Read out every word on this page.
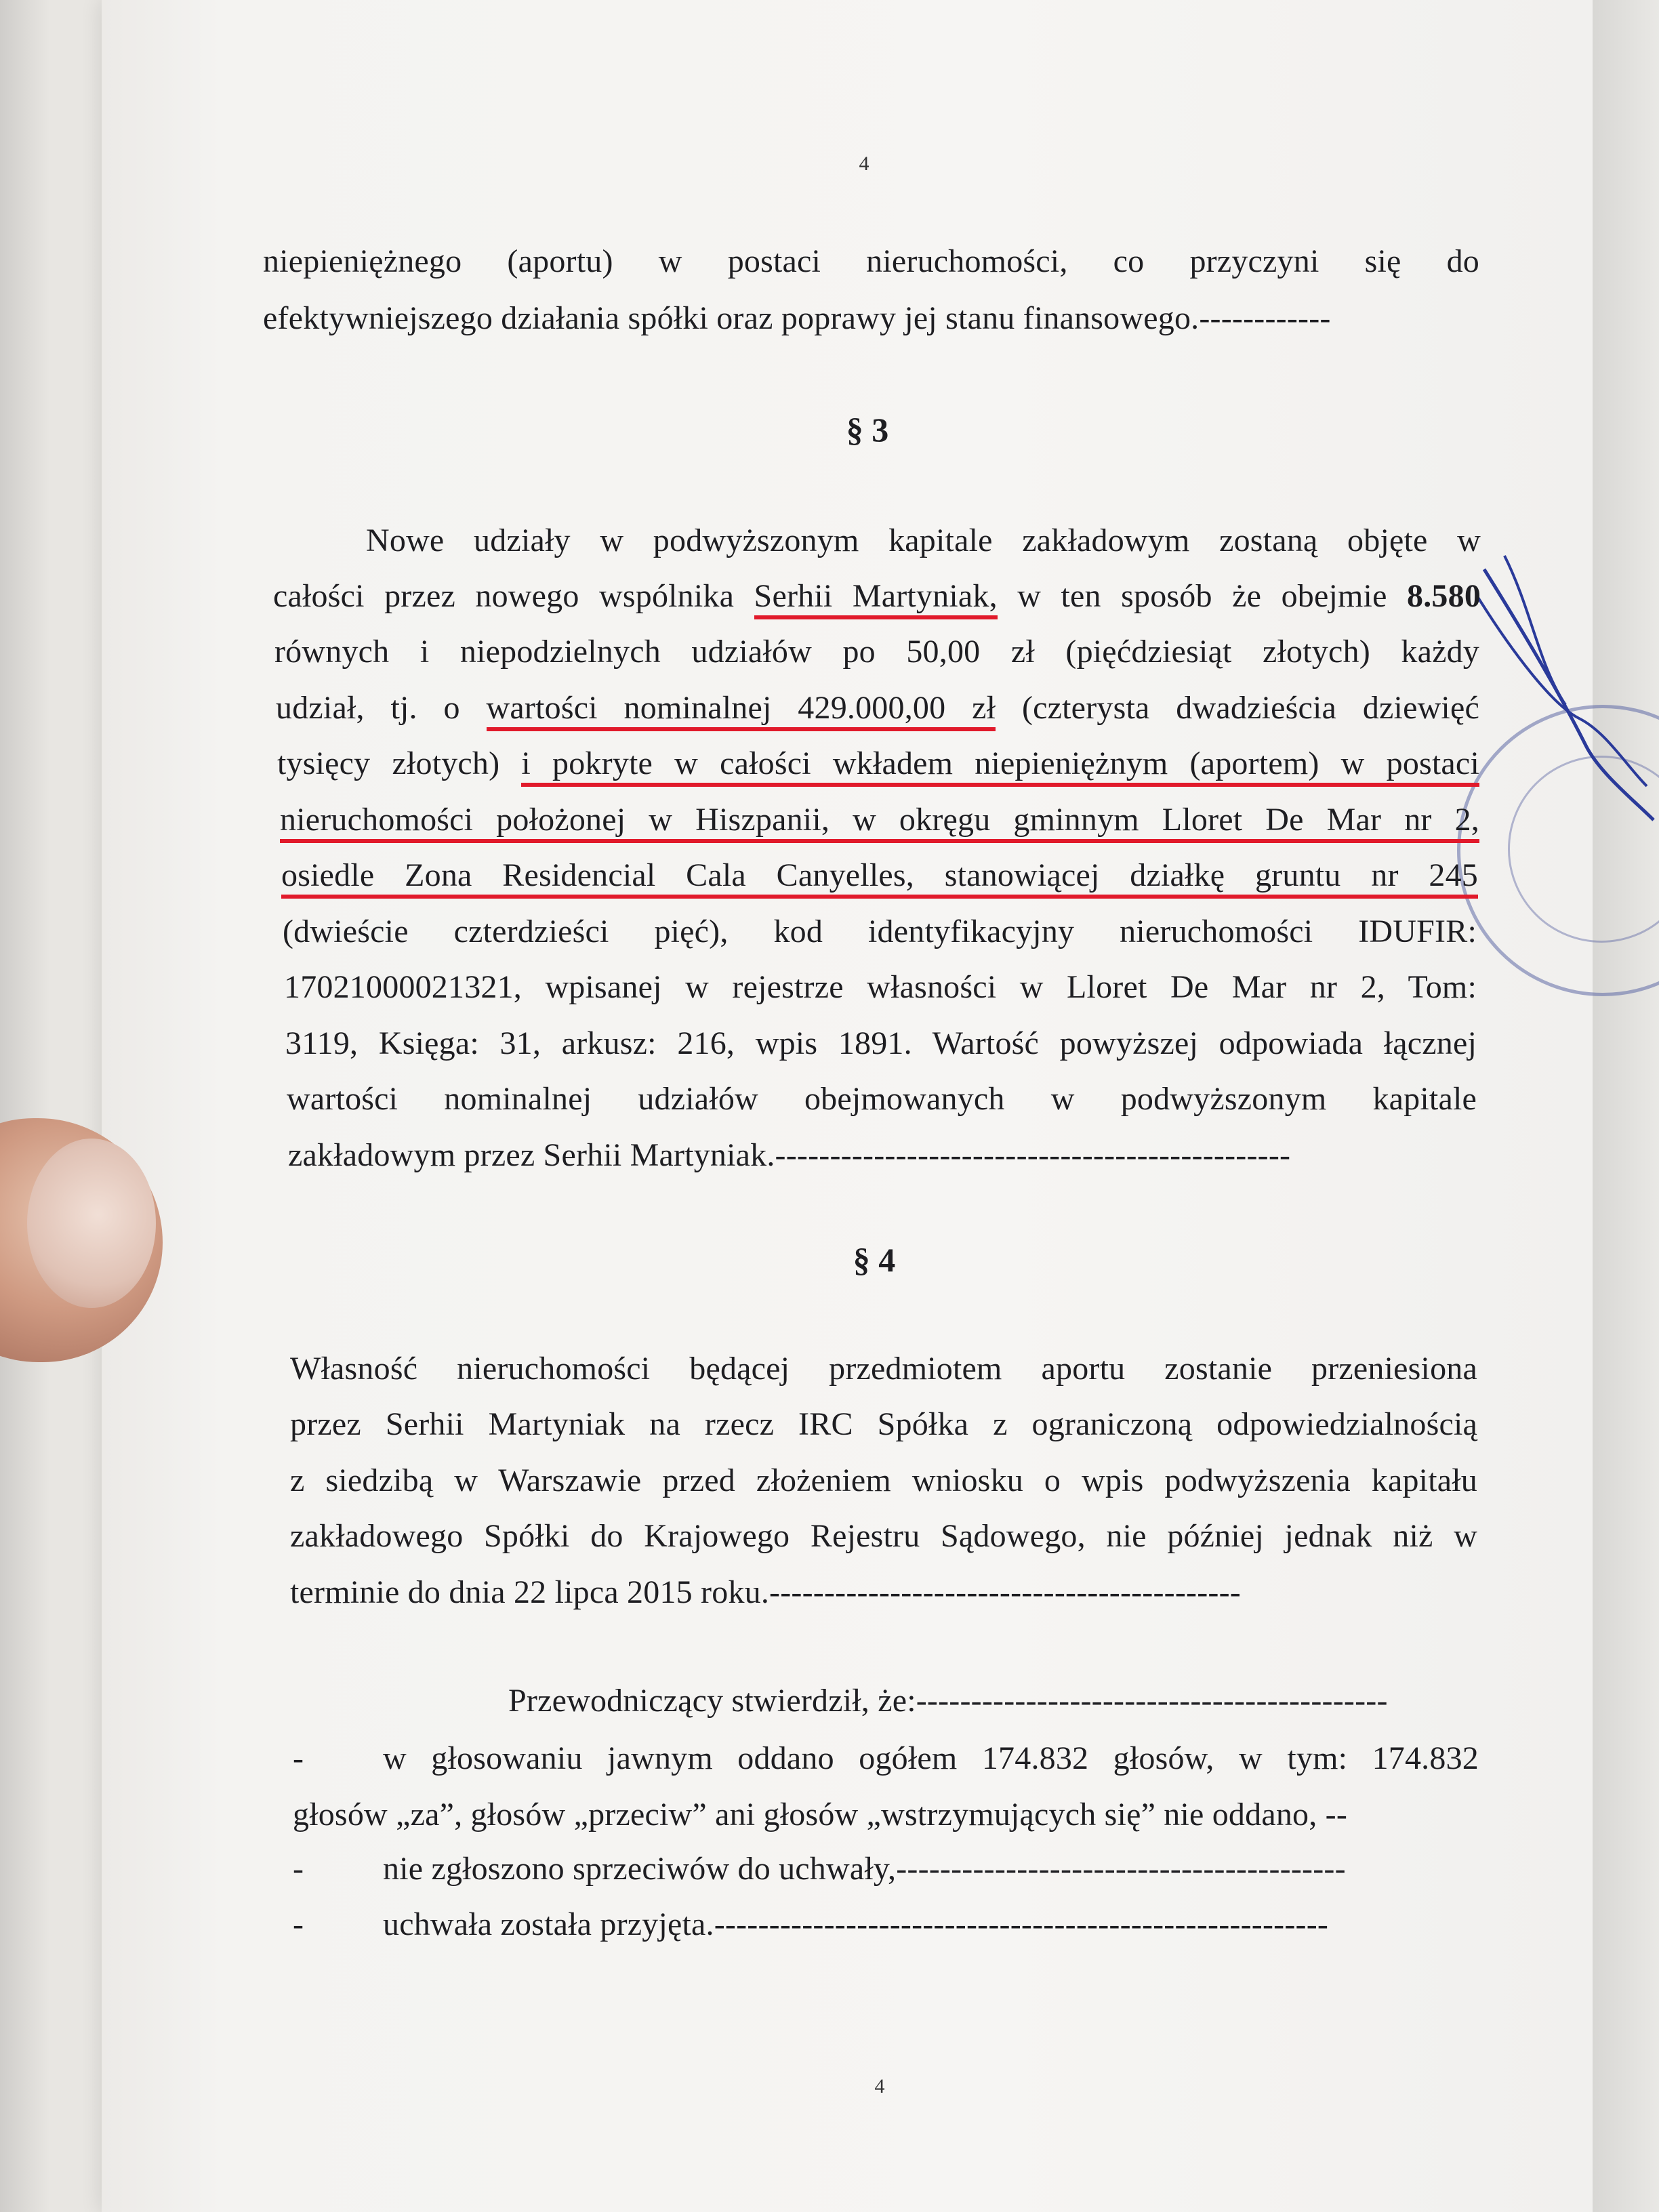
4
niepieniężnego (aportu) w postaci nieruchomości, co przyczyni się do
efektywniejszego działania spółki oraz poprawy jej stanu finansowego.------------
§ 3
Nowe udziały w podwyższonym kapitale zakładowym zostaną objęte w
całości przez nowego wspólnika Serhii Martyniak, w ten sposób że obejmie 8.580
równych i niepodzielnych udziałów po 50,00 zł (pięćdziesiąt złotych) każdy
udział, tj. o wartości nominalnej 429.000,00 zł (czterysta dwadzieścia dziewięć
tysięcy złotych) i pokryte w całości wkładem niepieniężnym (aportem) w postaci
nieruchomości położonej w Hiszpanii, w okręgu gminnym Lloret De Mar nr 2,
osiedle Zona Residencial Cala Canyelles, stanowiącej działkę gruntu nr 245
(dwieście czterdzieści pięć), kod identyfikacyjny nieruchomości IDUFIR:
17021000021321, wpisanej w rejestrze własności w Lloret De Mar nr 2, Tom:
3119, Księga: 31, arkusz: 216, wpis 1891. Wartość powyższej odpowiada łącznej
wartości nominalnej udziałów obejmowanych w podwyższonym kapitale
zakładowym przez Serhii Martyniak.-----------------------------------------------
§ 4
Własność nieruchomości będącej przedmiotem aportu zostanie przeniesiona
przez Serhii Martyniak na rzecz IRC Spółka z ograniczoną odpowiedzialnością
z siedzibą w Warszawie przed złożeniem wniosku o wpis podwyższenia kapitału
zakładowego Spółki do Krajowego Rejestru Sądowego, nie później jednak niż w
terminie do dnia 22 lipca 2015 roku.-------------------------------------------
Przewodniczący stwierdził, że:-------------------------------------------
-	w głosowaniu jawnym oddano ogółem 174.832 głosów, w tym: 174.832
głosów „za”, głosów „przeciw” ani głosów „wstrzymujących się” nie oddano, --
-	nie zgłoszono sprzeciwów do uchwały,-----------------------------------------
-	uchwała została przyjęta.--------------------------------------------------------
4
